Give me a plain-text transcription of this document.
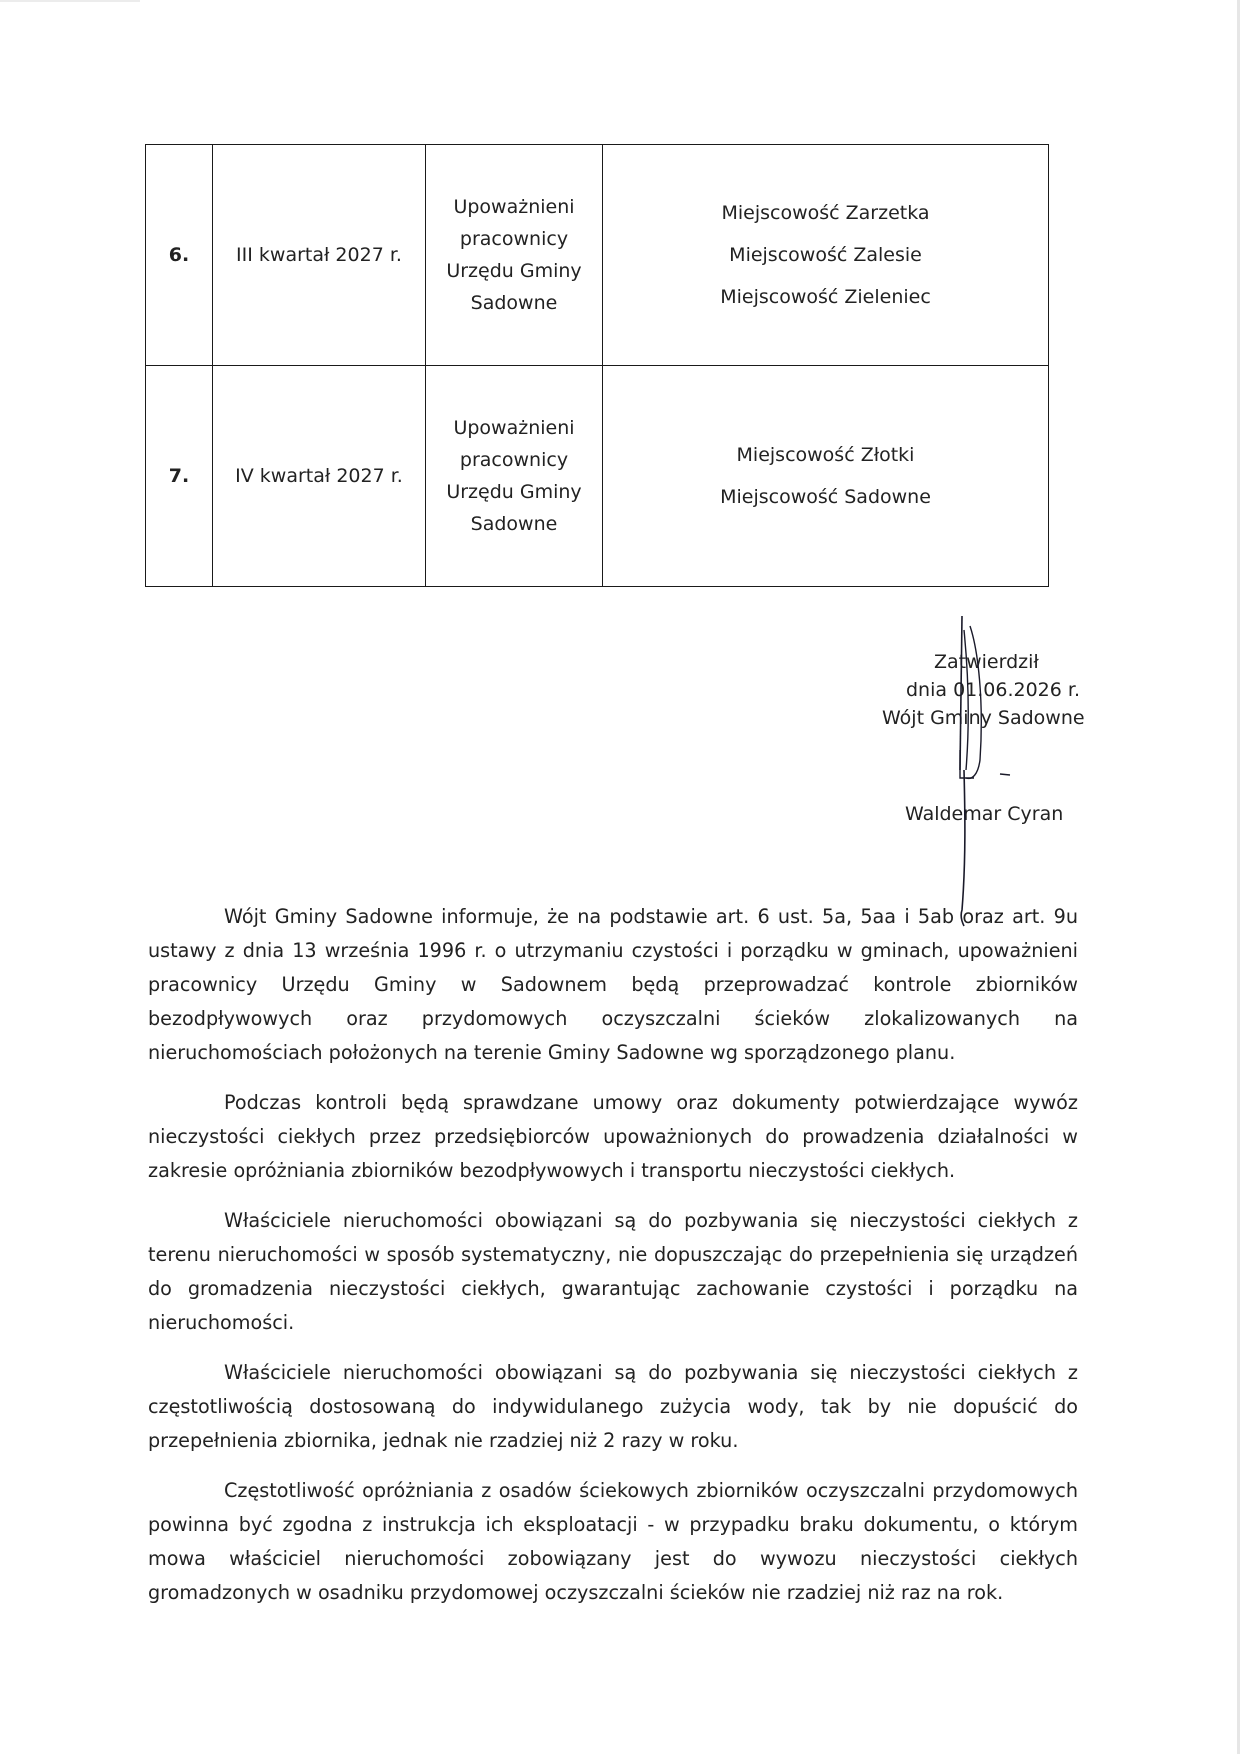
6.	III kwartał 2027 r.	Upoważnieni
pracownicy
Urzędu Gminy
Sadowne	Miejscowość Zarzetka
Miejscowość Zalesie
Miejscowość Zieleniec

7.	IV kwartał 2027 r.	Upoważnieni
pracownicy
Urzędu Gminy
Sadowne	Miejscowość Złotki
Miejscowość Sadowne
Zatwierdził
dnia 01.06.2026 r.
Wójt Gminy Sadowne
Waldemar Cyran

Wójt Gminy Sadowne informuje, że na podstawie art. 6 ust. 5a, 5aa i 5ab oraz art. 9u ustawy z dnia 13 września 1996 r. o utrzymaniu czystości i porządku w gminach, upoważnieni pracownicy Urzędu Gminy w Sadownem będą przeprowadzać kontrole zbiorników bezodpływowych oraz przydomowych oczyszczalni ścieków zlokalizowanych na nieruchomościach położonych na terenie Gminy Sadowne wg sporządzonego planu.

Podczas kontroli będą sprawdzane umowy oraz dokumenty potwierdzające wywóz nieczystości ciekłych przez przedsiębiorców upoważnionych do prowadzenia działalności w zakresie opróżniania zbiorników bezodpływowych i transportu nieczystości ciekłych.

Właściciele nieruchomości obowiązani są do pozbywania się nieczystości ciekłych z terenu nieruchomości w sposób systematyczny, nie dopuszczając do przepełnienia się urządzeń do gromadzenia nieczystości ciekłych, gwarantując zachowanie czystości i porządku na nieruchomości.

Właściciele nieruchomości obowiązani są do pozbywania się nieczystości ciekłych z częstotliwością dostosowaną do indywidulanego zużycia wody, tak by nie dopuścić do przepełnienia zbiornika, jednak nie rzadziej niż 2 razy w roku.

Częstotliwość opróżniania z osadów ściekowych zbiorników oczyszczalni przydomowych powinna być zgodna z instrukcja ich eksploatacji - w przypadku braku dokumentu, o którym mowa właściciel nieruchomości zobowiązany jest do wywozu nieczystości ciekłych gromadzonych w osadniku przydomowej oczyszczalni ścieków nie rzadziej niż raz na rok.
